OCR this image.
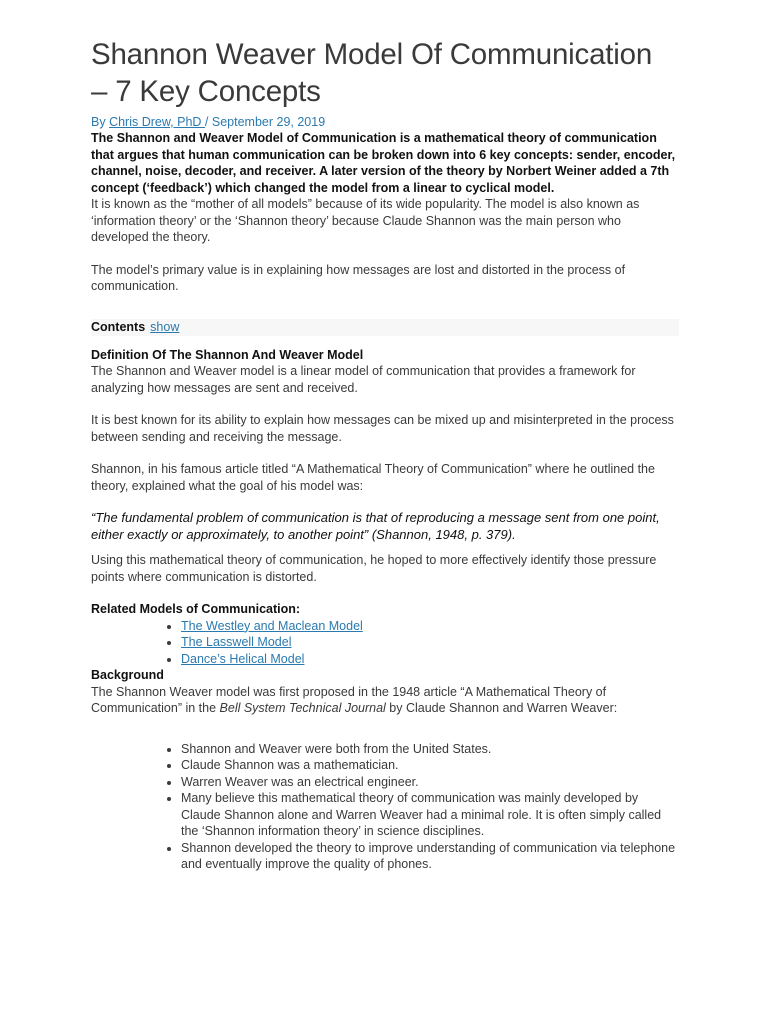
Shannon Weaver Model Of Communication
– 7 Key Concepts
By Chris Drew, PhD / September 29, 2019

The Shannon and Weaver Model of Communication is a mathematical theory of communication that argues that human communication can be broken down into 6 key concepts: sender, encoder, channel, noise, decoder, and receiver. A later version of the theory by Norbert Weiner added a 7th concept (‘feedback’) which changed the model from a linear to cyclical model.

It is known as the “mother of all models” because of its wide popularity. The model is also known as ‘information theory’ or the ‘Shannon theory’ because Claude Shannon was the main person who developed the theory.

The model’s primary value is in explaining how messages are lost and distorted in the process of communication.

Contents show
Definition Of The Shannon And Weaver Model

The Shannon and Weaver model is a linear model of communication that provides a framework for analyzing how messages are sent and received.

It is best known for its ability to explain how messages can be mixed up and misinterpreted in the process between sending and receiving the message.

Shannon, in his famous article titled “A Mathematical Theory of Communication” where he outlined the theory, explained what the goal of his model was:

“The fundamental problem of communication is that of reproducing a message sent from one point, either exactly or approximately, to another point” (Shannon, 1948, p. 379).

Using this mathematical theory of communication, he hoped to more effectively identify those pressure points where communication is distorted.

Related Models of Communication:
• The Westley and Maclean Model
• The Lasswell Model
• Dance’s Helical Model
Background

The Shannon Weaver model was first proposed in the 1948 article “A Mathematical Theory of Communication” in the Bell System Technical Journal by Claude Shannon and Warren Weaver:

• Shannon and Weaver were both from the United States.
• Claude Shannon was a mathematician.
• Warren Weaver was an electrical engineer.
• Many believe this mathematical theory of communication was mainly developed by Claude Shannon alone and Warren Weaver had a minimal role. It is often simply called the ‘Shannon information theory’ in science disciplines.
• Shannon developed the theory to improve understanding of communication via telephone and eventually improve the quality of phones.
